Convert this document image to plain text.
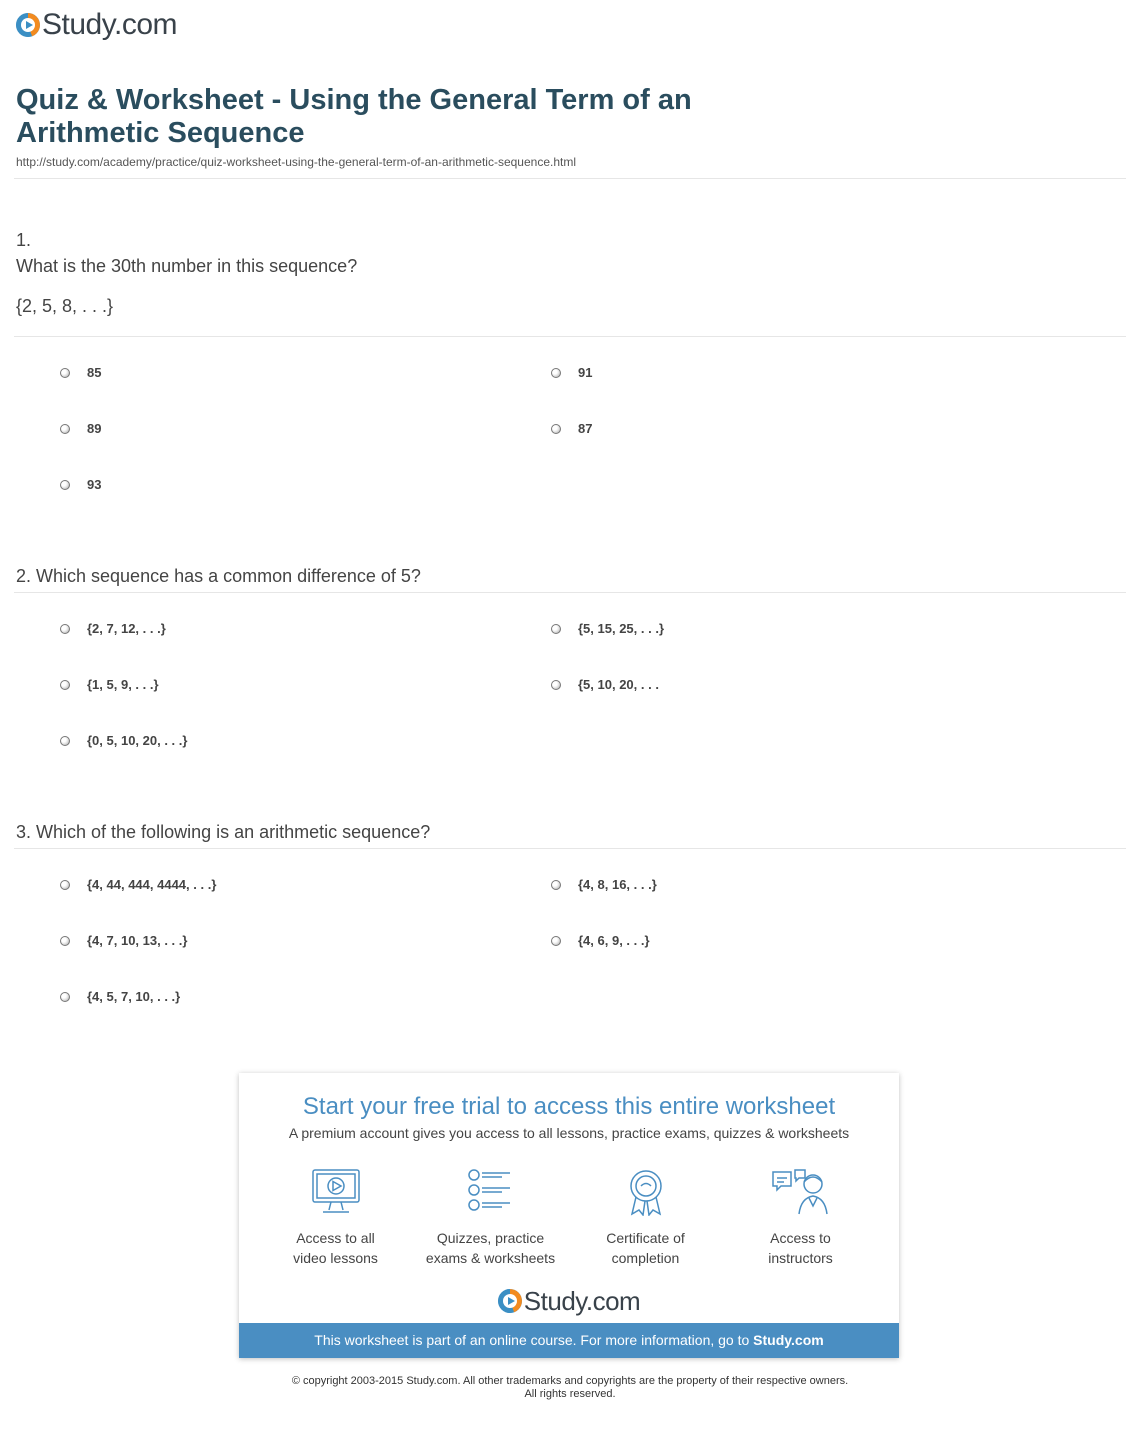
Study.com
Quiz & Worksheet - Using the General Term of an Arithmetic Sequence
http://study.com/academy/practice/quiz-worksheet-using-the-general-term-of-an-arithmetic-sequence.html
1.
What is the 30th number in this sequence?
{2, 5, 8, . . .}
85	91
89	87
93
2. Which sequence has a common difference of 5?
{2, 7, 12, . . .}	{5, 15, 25, . . .}
{1, 5, 9, . . .}	{5, 10, 20, . . .
{0, 5, 10, 20, . . .}
3. Which of the following is an arithmetic sequence?
{4, 44, 444, 4444, . . .}	{4, 8, 16, . . .}
{4, 7, 10, 13, . . .}	{4, 6, 9, . . .}
{4, 5, 7, 10, . . .}
Start your free trial to access this entire worksheet
A premium account gives you access to all lessons, practice exams, quizzes & worksheets
Access to all
video lessons
Quizzes, practice
exams & worksheets
Certificate of
completion
Access to
instructors
Study.com
This worksheet is part of an online course. For more information, go to Study.com
© copyright 2003-2015 Study.com. All other trademarks and copyrights are the property of their respective owners.
All rights reserved.
